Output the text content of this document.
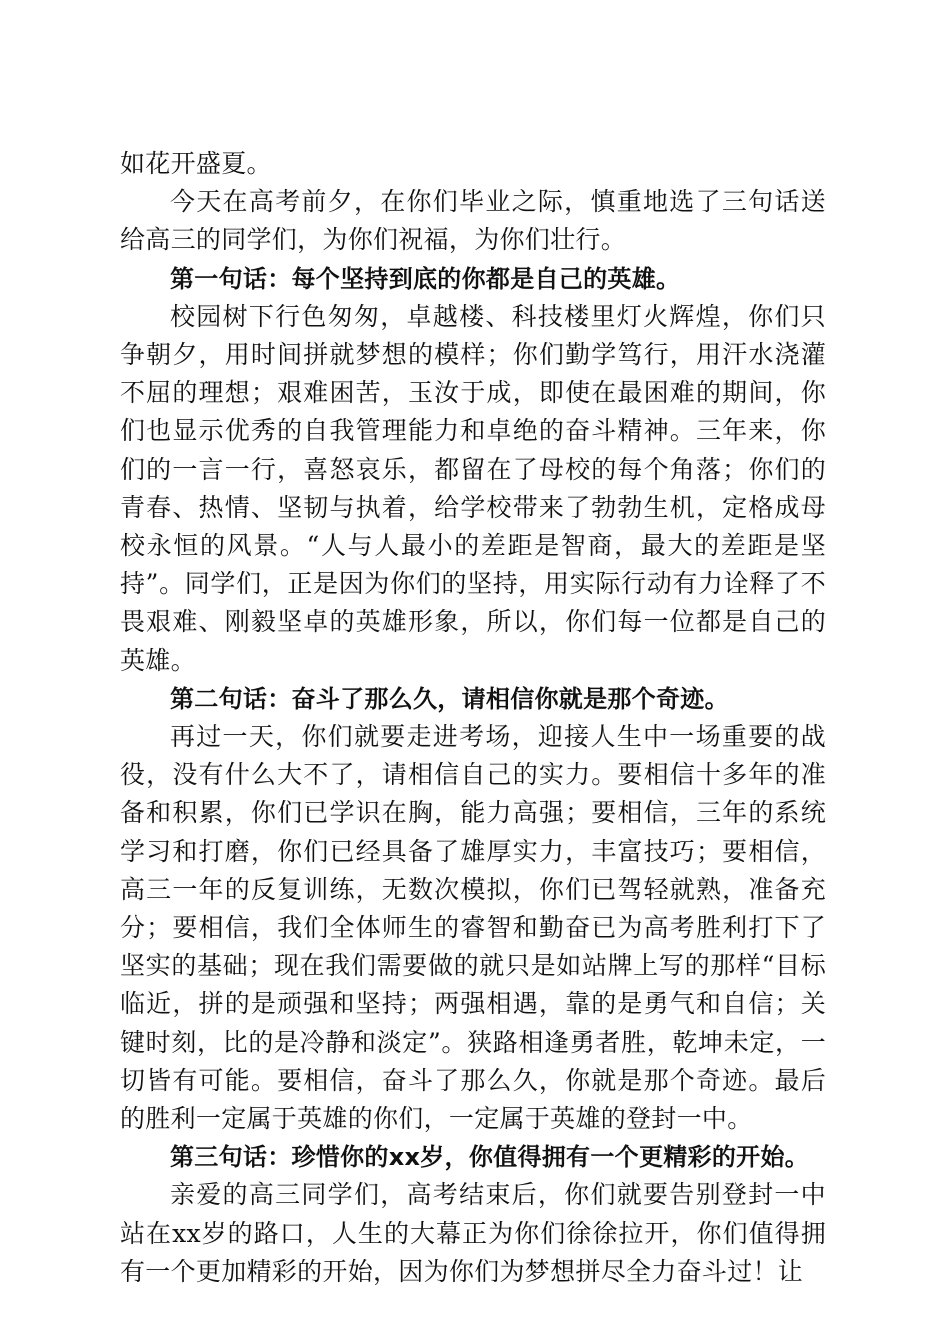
如花开盛夏。

今天在高考前夕，在你们毕业之际，慎重地选了三句话送给高三的同学们，为你们祝福，为你们壮行。

第一句话：每个坚持到底的你都是自己的英雄。

校园树下行色匆匆，卓越楼、科技楼里灯火辉煌，你们只争朝夕，用时间拼就梦想的模样；你们勤学笃行，用汗水浇灌不屈的理想；艰难困苦，玉汝于成，即使在最困难的期间，你们也显示优秀的自我管理能力和卓绝的奋斗精神。三年来，你们的一言一行，喜怒哀乐，都留在了母校的每个角落；你们的青春、热情、坚韧与执着，给学校带来了勃勃生机，定格成母校永恒的风景。“人与人最小的差距是智商，最大的差距是坚持”。同学们，正是因为你们的坚持，用实际行动有力诠释了不畏艰难、刚毅坚卓的英雄形象，所以，你们每一位都是自己的英雄。

第二句话：奋斗了那么久，请相信你就是那个奇迹。

再过一天，你们就要走进考场，迎接人生中一场重要的战役，没有什么大不了，请相信自己的实力。要相信十多年的准备和积累，你们已学识在胸，能力高强；要相信，三年的系统学习和打磨，你们已经具备了雄厚实力，丰富技巧；要相信，高三一年的反复训练，无数次模拟，你们已驾轻就熟，准备充分；要相信，我们全体师生的睿智和勤奋已为高考胜利打下了坚实的基础；现在我们需要做的就只是如站牌上写的那样“目标临近，拼的是顽强和坚持；两强相遇，靠的是勇气和自信；关键时刻，比的是冷静和淡定”。狭路相逢勇者胜，乾坤未定，一切皆有可能。要相信，奋斗了那么久，你就是那个奇迹。最后的胜利一定属于英雄的你们，一定属于英雄的登封一中。

第三句话：珍惜你的xx岁，你值得拥有一个更精彩的开始。

亲爱的高三同学们，高考结束后，你们就要告别登封一中站在xx岁的路口，人生的大幕正为你们徐徐拉开，你们值得拥有一个更加精彩的开始，因为你们为梦想拼尽全力奋斗过！让
